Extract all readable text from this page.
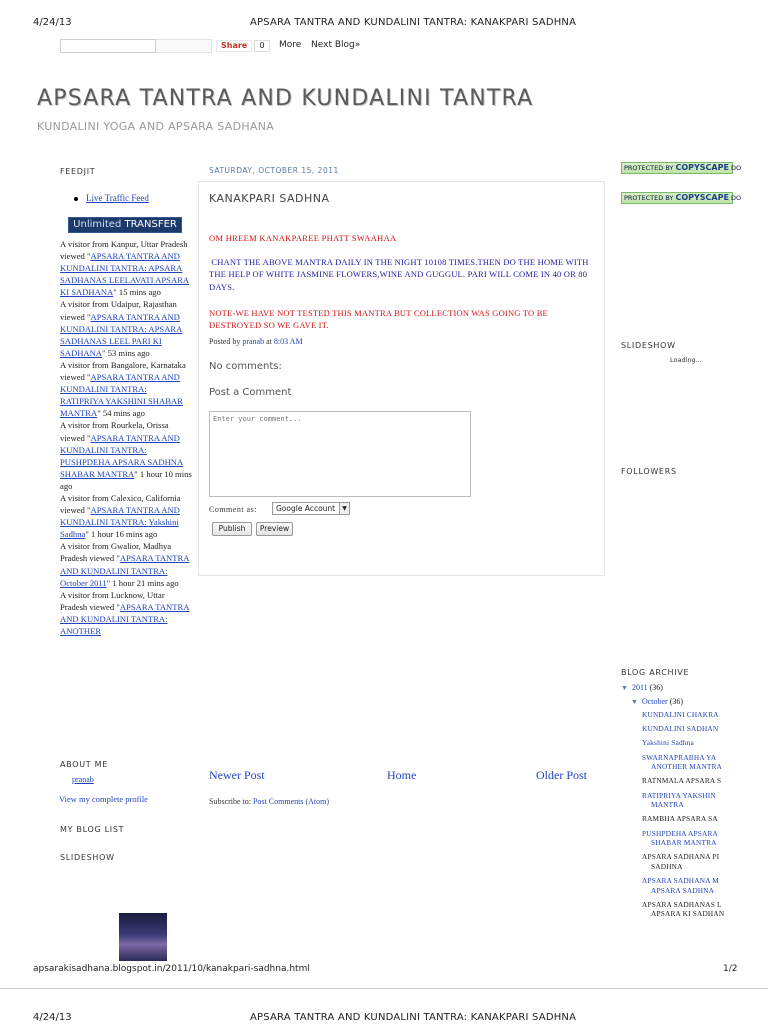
4/24/13	APSARA TANTRA AND KUNDALINI TANTRA: KANAKPARI SADHNA
Share	0	More Next Blog»
APSARA TANTRA AND KUNDALINI TANTRA
KUNDALINI YOGA AND APSARA SADHANA
FEEDJIT
Live Traffic Feed
Unlimited TRANSFER
A visitor from Kanpur, Uttar Pradesh viewed "APSARA TANTRA AND KUNDALINI TANTRA: APSARA SADHANAS LEELAVATI APSARA KI SADHANA" 15 mins ago
A visitor from Udaipur, Rajasthan viewed "APSARA TANTRA AND KUNDALINI TANTRA: APSARA SADHANAS LEEL PARI KI SADHANA" 53 mins ago
A visitor from Bangalore, Karnataka viewed "APSARA TANTRA AND KUNDALINI TANTRA: RATIPRIYA YAKSHINI SHABAR MANTRA" 54 mins ago
A visitor from Rourkela, Orissa viewed "APSARA TANTRA AND KUNDALINI TANTRA: PUSHPDEHA APSARA SADHNA SHABAR MANTRA" 1 hour 10 mins ago
A visitor from Calexico, California viewed "APSARA TANTRA AND KUNDALINI TANTRA: Yakshini Sadhna" 1 hour 16 mins ago
A visitor from Gwalior, Madhya Pradesh viewed "APSARA TANTRA AND KUNDALINI TANTRA: October 2011" 1 hour 21 mins ago
A visitor from Lucknow, Uttar Pradesh viewed "APSARA TANTRA AND KUNDALINI TANTRA: ANOTHER
ABOUT ME
pranab
View my complete profile
MY BLOG LIST
SLIDESHOW
SATURDAY, OCTOBER 15, 2011
KANAKPARI SADHNA
OM HREEM KANAKPAREE PHATT SWAAHAA
CHANT THE ABOVE MANTRA DAILY IN THE NIGHT 10108 TIMES.THEN DO THE HOME WITH THE HELP OF WHITE JASMINE FLOWERS,WINE AND GUGGUL. PARI WILL COME IN 40 OR 80 DAYS.
NOTE-WE HAVE NOT TESTED THIS MANTRA BUT COLLECTION WAS GOING TO BE DESTROYED SO WE GAVE IT.
Posted by pranab at 8:03 AM
No comments:
Post a Comment
Enter your comment...
Comment as:	Google Account	▼
Publish	Preview
Newer Post	Home	Older Post
Subscribe to: Post Comments (Atom)
PROTECTED BY COPYSCAPE DO
PROTECTED BY COPYSCAPE DO
SLIDESHOW
Loading...
FOLLOWERS
BLOG ARCHIVE
▼ 2011 (36)
▼ October (36)
KUNDALINI CHAKRA
KUNDALINI SADHAN
Yakshini Sadhna
SWARNAPRABHA YA
ANOTHER MANTRA
RATNMALA APSARA S
RATIPRIYA YAKSHIN
MANTRA
RAMBHA APSARA SA
PUSHPDEHA APSARA
SHABAR MANTRA
APSARA SADHANA PI
SADHNA
APSARA SADHANA M
APSARA SADHNA
APSARA SADHANAS L
APSARA KI SADHAN
apsarakisadhana.blogspot.in/2011/10/kanakpari-sadhna.html	1/2
4/24/13	APSARA TANTRA AND KUNDALINI TANTRA: KANAKPARI SADHNA
